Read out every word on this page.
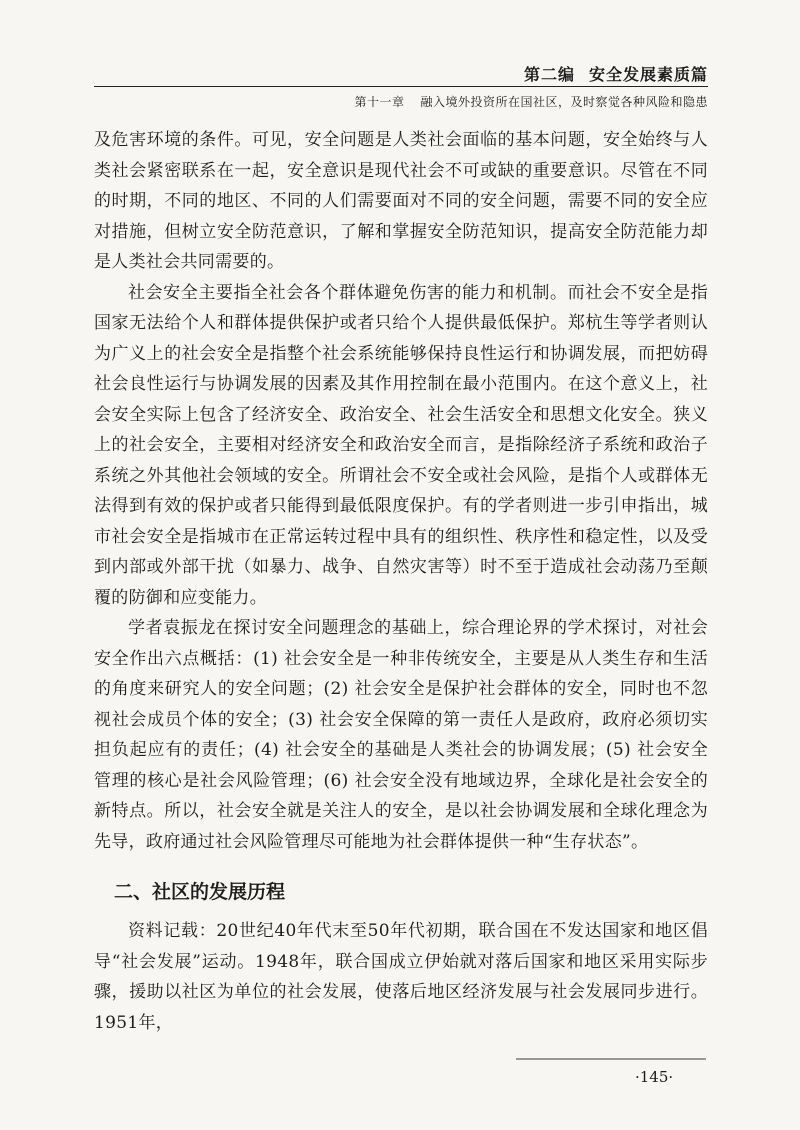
第二编 安全发展素质篇
第十一章 融入境外投资所在国社区，及时察觉各种风险和隐患

及危害环境的条件。可见，安全问题是人类社会面临的基本问题，安全始终与人类社会紧密联系在一起，安全意识是现代社会不可或缺的重要意识。尽管在不同的时期，不同的地区、不同的人们需要面对不同的安全问题，需要不同的安全应对措施，但树立安全防范意识，了解和掌握安全防范知识，提高安全防范能力却是人类社会共同需要的。

社会安全主要指全社会各个群体避免伤害的能力和机制。而社会不安全是指国家无法给个人和群体提供保护或者只给个人提供最低保护。郑杭生等学者则认为广义上的社会安全是指整个社会系统能够保持良性运行和协调发展，而把妨碍社会良性运行与协调发展的因素及其作用控制在最小范围内。在这个意义上，社会安全实际上包含了经济安全、政治安全、社会生活安全和思想文化安全。狭义上的社会安全，主要相对经济安全和政治安全而言，是指除经济子系统和政治子系统之外其他社会领域的安全。所谓社会不安全或社会风险，是指个人或群体无法得到有效的保护或者只能得到最低限度保护。有的学者则进一步引申指出，城市社会安全是指城市在正常运转过程中具有的组织性、秩序性和稳定性，以及受到内部或外部干扰（如暴力、战争、自然灾害等）时不至于造成社会动荡乃至颠覆的防御和应变能力。

学者袁振龙在探讨安全问题理念的基础上，综合理论界的学术探讨，对社会安全作出六点概括：(1) 社会安全是一种非传统安全，主要是从人类生存和生活的角度来研究人的安全问题；(2) 社会安全是保护社会群体的安全，同时也不忽视社会成员个体的安全；(3) 社会安全保障的第一责任人是政府，政府必须切实担负起应有的责任；(4) 社会安全的基础是人类社会的协调发展；(5) 社会安全管理的核心是社会风险管理；(6) 社会安全没有地域边界，全球化是社会安全的新特点。所以，社会安全就是关注人的安全，是以社会协调发展和全球化理念为先导，政府通过社会风险管理尽可能地为社会群体提供一种“生存状态”。

二、社区的发展历程

资料记载：20世纪40年代末至50年代初期，联合国在不发达国家和地区倡导“社会发展”运动。1948年，联合国成立伊始就对落后国家和地区采用实际步骤，援助以社区为单位的社会发展，使落后地区经济发展与社会发展同步进行。1951年，

·145·
